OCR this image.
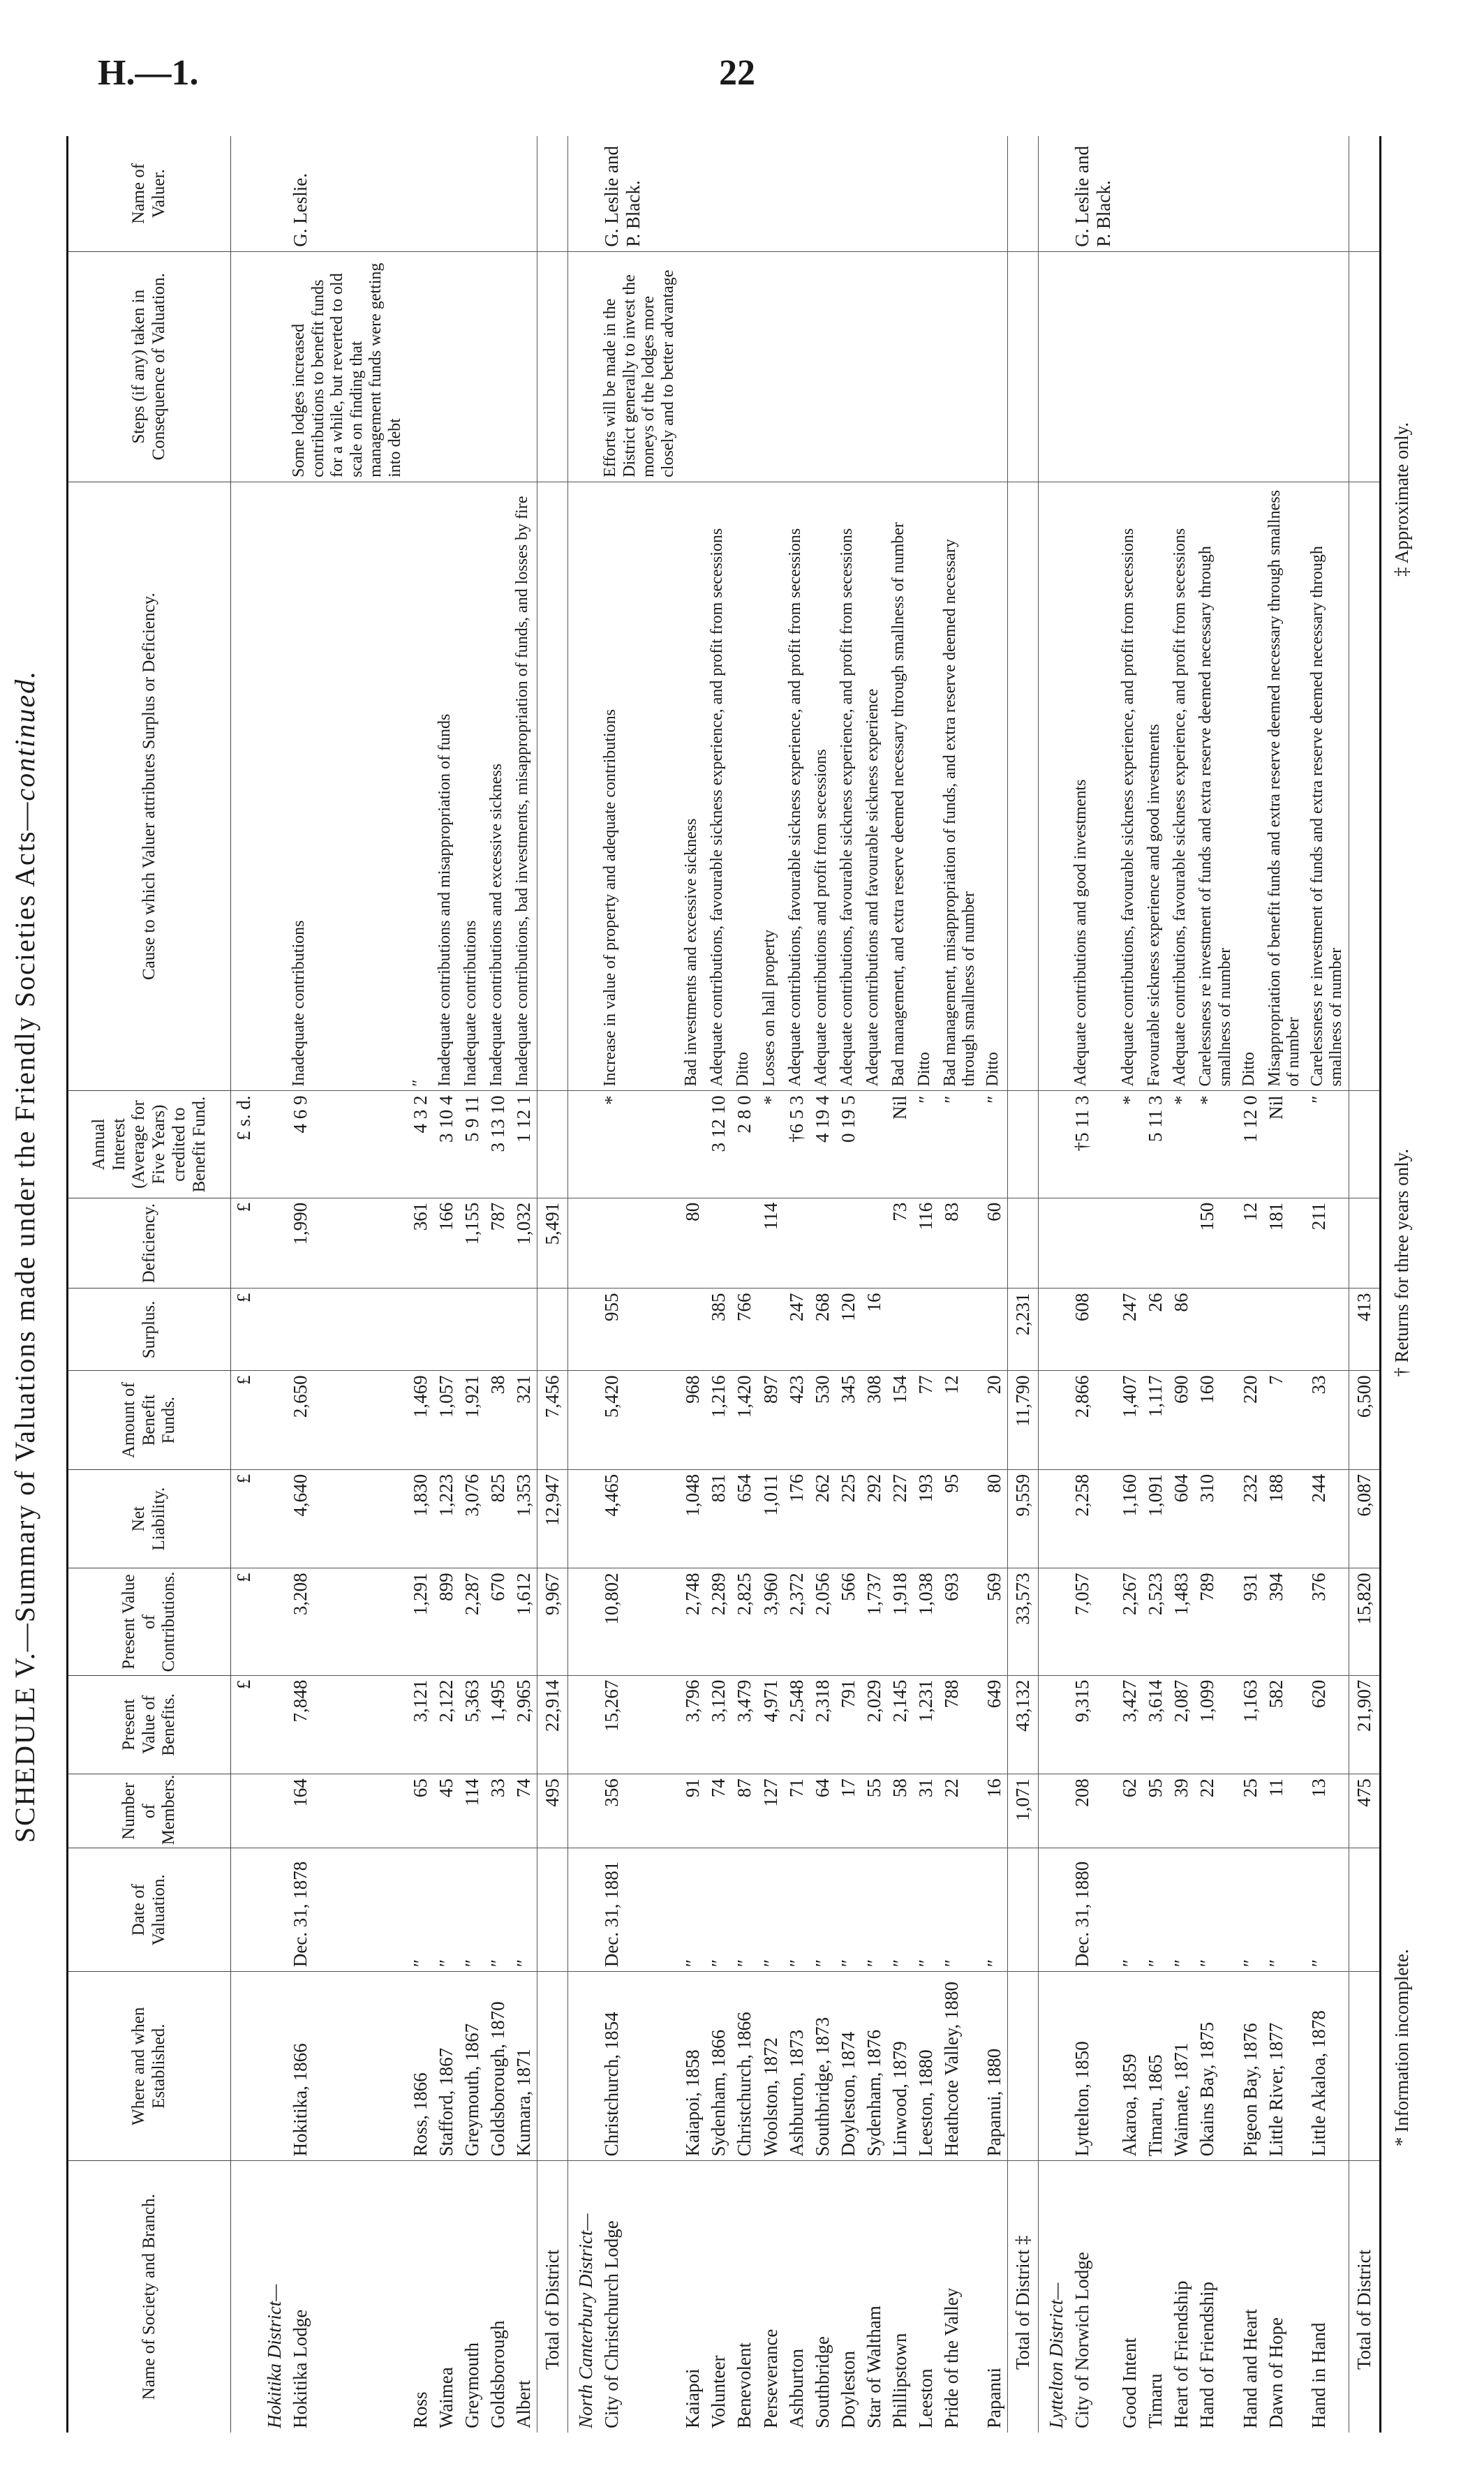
H.—1.	22
SCHEDULE V.—Summary of Valuations made under the Friendly Societies Acts—continued.
Name of Society and Branch.	Where and when Established.	Date of Valuation.	Number of Members.	Present Value of Benefits.	Present Value of Contributions.	Net Liability.	Amount of Benefit Funds.	Surplus.	Deficiency.	Annual Interest (Average for Five Years) credited to Benefit Fund.	Cause to which Valuer attributes Surplus or Deficiency.	Steps (if any) taken in Consequence of Valuation.	Name of Valuer.
				£	£	£	£	£	£	£ s. d.			
Hokitika District—													
Hokitika Lodge	Hokitika, 1866	Dec. 31, 1878	164	7,848	3,208	4,640	2,650		1,990	4 6 9	Inadequate contributions	Some lodges increased contributions to benefit funds for a while, but reverted to old scale on finding that management funds were getting into debt	G. Leslie.
Ross	Ross, 1866	″	65	3,121	1,291	1,830	1,469		361	4 3 2	″		
Waimea	Stafford, 1867	″	45	2,122	899	1,223	1,057		166	3 10 4	Inadequate contributions and misappropriation of funds		
Greymouth	Greymouth, 1867	″	114	5,363	2,287	3,076	1,921		1,155	5 9 11	Inadequate contributions		
Goldsborough	Goldsborough, 1870	″	33	1,495	670	825	38		787	3 13 10	Inadequate contributions and excessive sickness		
Albert	Kumara, 1871	″	74	2,965	1,612	1,353	321		1,032	1 12 1	Inadequate contributions, bad investments, misappropriation of funds, and losses by fire		
Total of District			495	22,914	9,967	12,947	7,456		5,491				
North Canterbury District—													
City of Christchurch Lodge	Christchurch, 1854	Dec. 31, 1881	356	15,267	10,802	4,465	5,420	955		*	Increase in value of property and adequate contributions	Efforts will be made in the District generally to invest the moneys of the lodges more closely and to better advantage	G. Leslie and P. Black.
Kaiapoi	Kaiapoi, 1858	″	91	3,796	2,748	1,048	968		80		Bad investments and excessive sickness		
Volunteer	Sydenham, 1866	″	74	3,120	2,289	831	1,216	385		3 12 10	Adequate contributions, favourable sickness experience, and profit from secessions		
Benevolent	Christchurch, 1866	″	87	3,479	2,825	654	1,420	766		2 8 0	Ditto		
Perseverance	Woolston, 1872	″	127	4,971	3,960	1,011	897		114	*	Losses on hall property		
Ashburton	Ashburton, 1873	″	71	2,548	2,372	176	423	247		†6 5 3	Adequate contributions, favourable sickness experience, and profit from secessions		
Southbridge	Southbridge, 1873	″	64	2,318	2,056	262	530	268		4 19 4	Adequate contributions and profit from secessions		
Doyleston	Doyleston, 1874	″	17	791	566	225	345	120		0 19 5	Adequate contributions, favourable sickness experience, and profit from secessions		
Star of Waltham	Sydenham, 1876	″	55	2,029	1,737	292	308	16			Adequate contributions and favourable sickness experience		
Phillipstown	Linwood, 1879	″	58	2,145	1,918	227	154		73	Nil	Bad management, and extra reserve deemed necessary through smallness of number		
Leeston	Leeston, 1880	″	31	1,231	1,038	193	77		116	″	Ditto		
Pride of the Valley	Heathcote Valley, 1880	″	22	788	693	95	12		83	″	Bad management, misappropriation of funds, and extra reserve deemed necessary through smallness of number		
Papanui	Papanui, 1880	″	16	649	569	80	20		60	″	Ditto		
Total of District ‡			1,071	43,132	33,573	9,559	11,790	2,231					
Lyttelton District—													
City of Norwich Lodge	Lyttelton, 1850	Dec. 31, 1880	208	9,315	7,057	2,258	2,866	608		†5 11 3	Adequate contributions and good investments		G. Leslie and P. Black.
Good Intent	Akaroa, 1859	″	62	3,427	2,267	1,160	1,407	247		*	Adequate contributions, favourable sickness experience, and profit from secessions		
Timaru	Timaru, 1865	″	95	3,614	2,523	1,091	1,117	26		5 11 3	Favourable sickness experience and good investments		
Heart of Friendship	Waimate, 1871	″	39	2,087	1,483	604	690	86		*	Adequate contributions, favourable sickness experience, and profit from secessions		
Hand of Friendship	Okains Bay, 1875	″	22	1,099	789	310	160		150	*	Carelessness re investment of funds and extra reserve deemed necessary through smallness of number		
Hand and Heart	Pigeon Bay, 1876	″	25	1,163	931	232	220		12	1 12 0	Ditto		
Dawn of Hope	Little River, 1877	″	11	582	394	188	7		181	Nil	Misappropriation of benefit funds and extra reserve deemed necessary through smallness of number		
Hand in Hand	Little Akaloa, 1878	″	13	620	376	244	33		211	″	Carelessness re investment of funds and extra reserve deemed necessary through smallness of number		
Total of District			475	21,907	15,820	6,087	6,500	413					
* Information incomplete.
† Returns for three years only.
‡ Approximate only.
